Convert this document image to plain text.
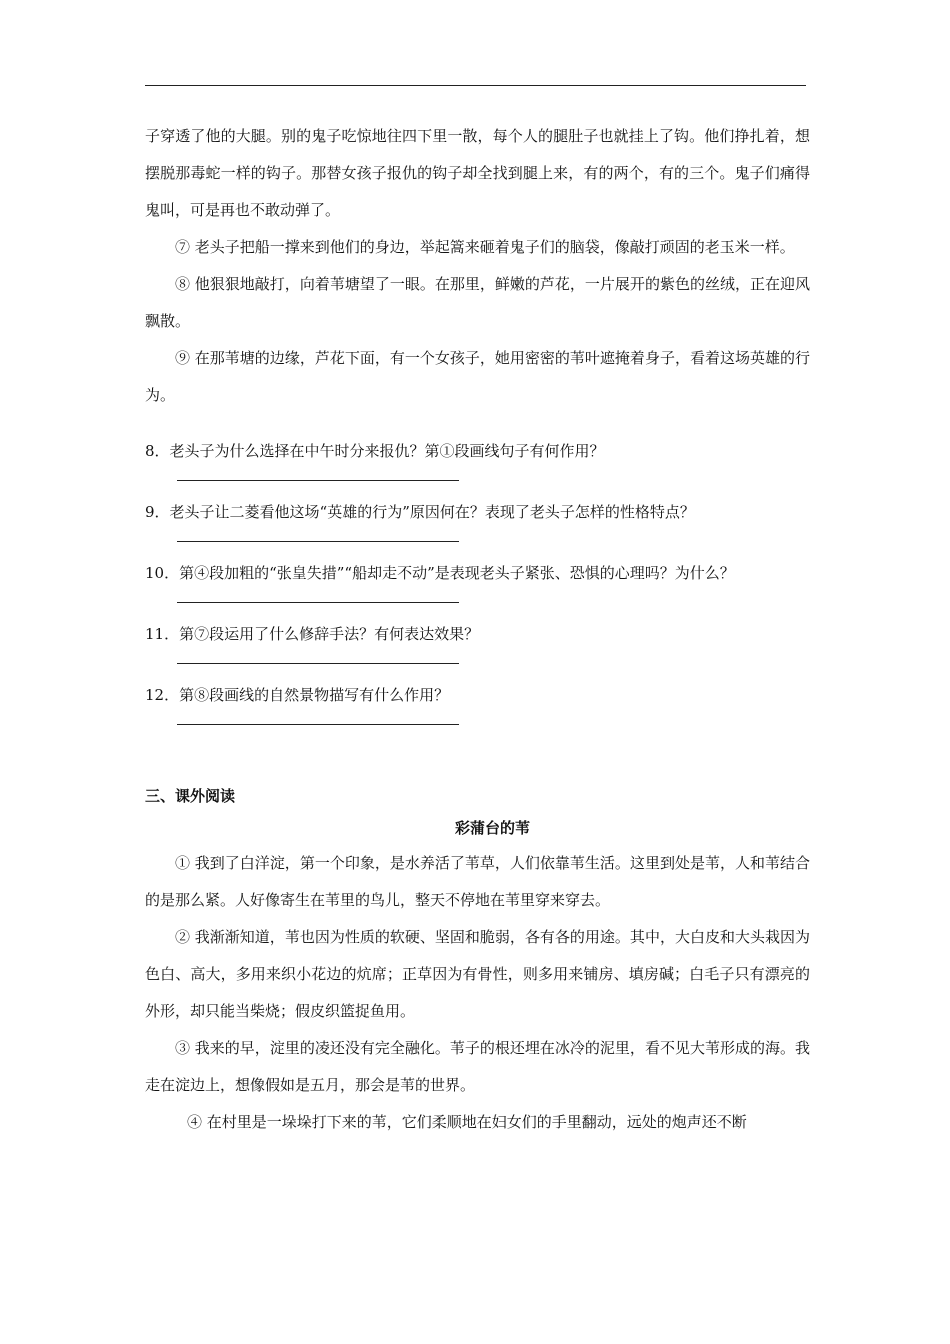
子穿透了他的大腿。别的鬼子吃惊地往四下里一散，每个人的腿肚子也就挂上了钩。他们挣扎着，想摆脱那毒蛇一样的钩子。那替女孩子报仇的钩子却全找到腿上来，有的两个，有的三个。鬼子们痛得鬼叫，可是再也不敢动弹了。

⑦ 老头子把船一撑来到他们的身边，举起篙来砸着鬼子们的脑袋，像敲打顽固的老玉米一样。

⑧ 他狠狠地敲打，向着苇塘望了一眼。在那里，鲜嫩的芦花，一片展开的紫色的丝绒，正在迎风飘散。

⑨ 在那苇塘的边缘，芦花下面，有一个女孩子，她用密密的苇叶遮掩着身子，看着这场英雄的行为。

8．老头子为什么选择在中午时分来报仇？第①段画线句子有何作用？

9．老头子让二菱看他这场“英雄的行为”原因何在？表现了老头子怎样的性格特点？

10．第④段加粗的“张皇失措”“船却走不动”是表现老头子紧张、恐惧的心理吗？为什么？

11．第⑦段运用了什么修辞手法？有何表达效果？

12．第⑧段画线的自然景物描写有什么作用？

三、课外阅读

彩蒲台的苇

① 我到了白洋淀，第一个印象，是水养活了苇草，人们依靠苇生活。这里到处是苇，人和苇结合的是那么紧。人好像寄生在苇里的鸟儿，整天不停地在苇里穿来穿去。

② 我渐渐知道，苇也因为性质的软硬、坚固和脆弱，各有各的用途。其中，大白皮和大头栽因为色白、高大，多用来织小花边的炕席；正草因为有骨性，则多用来铺房、填房碱；白毛子只有漂亮的外形，却只能当柴烧；假皮织篮捉鱼用。

③ 我来的早，淀里的凌还没有完全融化。苇子的根还埋在冰冷的泥里，看不见大苇形成的海。我走在淀边上，想像假如是五月，那会是苇的世界。

④ 在村里是一垛垛打下来的苇，它们柔顺地在妇女们的手里翻动，远处的炮声还不断
